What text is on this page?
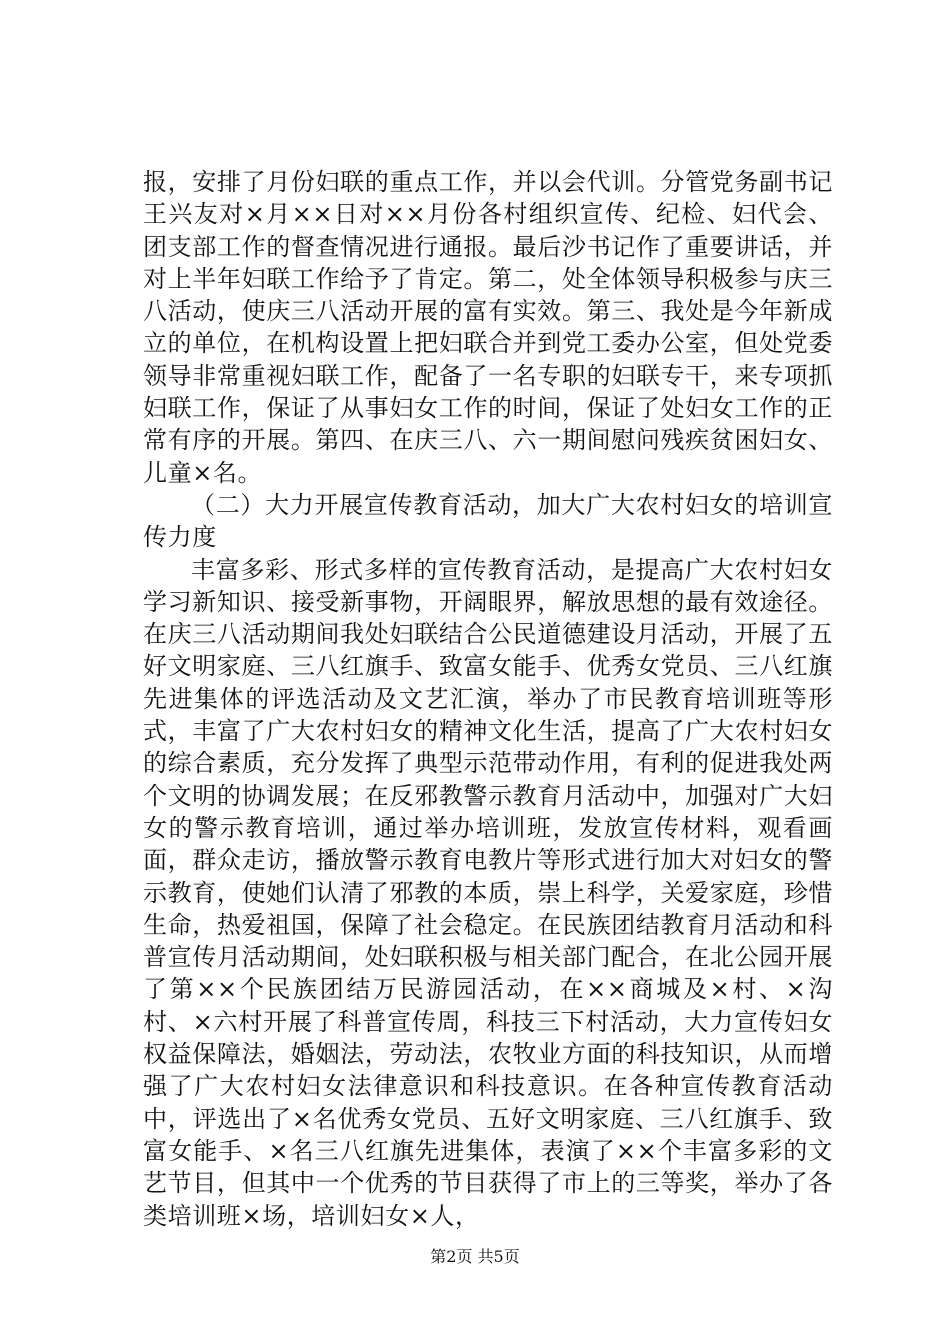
报，安排了月份妇联的重点工作，并以会代训。分管党务副书记王兴友对×月××日对××月份各村组织宣传、纪检、妇代会、团支部工作的督查情况进行通报。最后沙书记作了重要讲话，并对上半年妇联工作给予了肯定。第二，处全体领导积极参与庆三八活动，使庆三八活动开展的富有实效。第三、我处是今年新成立的单位，在机构设置上把妇联合并到党工委办公室，但处党委领导非常重视妇联工作，配备了一名专职的妇联专干，来专项抓妇联工作，保证了从事妇女工作的时间，保证了处妇女工作的正常有序的开展。第四、在庆三八、六一期间慰问残疾贫困妇女、儿童×名。

（二）大力开展宣传教育活动，加大广大农村妇女的培训宣传力度

丰富多彩、形式多样的宣传教育活动，是提高广大农村妇女学习新知识、接受新事物，开阔眼界，解放思想的最有效途径。在庆三八活动期间我处妇联结合公民道德建设月活动，开展了五好文明家庭、三八红旗手、致富女能手、优秀女党员、三八红旗先进集体的评选活动及文艺汇演，举办了市民教育培训班等形式，丰富了广大农村妇女的精神文化生活，提高了广大农村妇女的综合素质，充分发挥了典型示范带动作用，有利的促进我处两个文明的协调发展；在反邪教警示教育月活动中，加强对广大妇女的警示教育培训，通过举办培训班，发放宣传材料，观看画面，群众走访，播放警示教育电教片等形式进行加大对妇女的警示教育，使她们认清了邪教的本质，崇上科学，关爱家庭，珍惜生命，热爱祖国，保障了社会稳定。在民族团结教育月活动和科普宣传月活动期间，处妇联积极与相关部门配合，在北公园开展了第××个民族团结万民游园活动，在××商城及×村、×沟村、×六村开展了科普宣传周，科技三下村活动，大力宣传妇女权益保障法，婚姻法，劳动法，农牧业方面的科技知识，从而增强了广大农村妇女法律意识和科技意识。在各种宣传教育活动中，评选出了×名优秀女党员、五好文明家庭、三八红旗手、致富女能手、×名三八红旗先进集体，表演了××个丰富多彩的文艺节目，但其中一个优秀的节目获得了市上的三等奖，举办了各类培训班×场，培训妇女×人，

第2页 共5页
